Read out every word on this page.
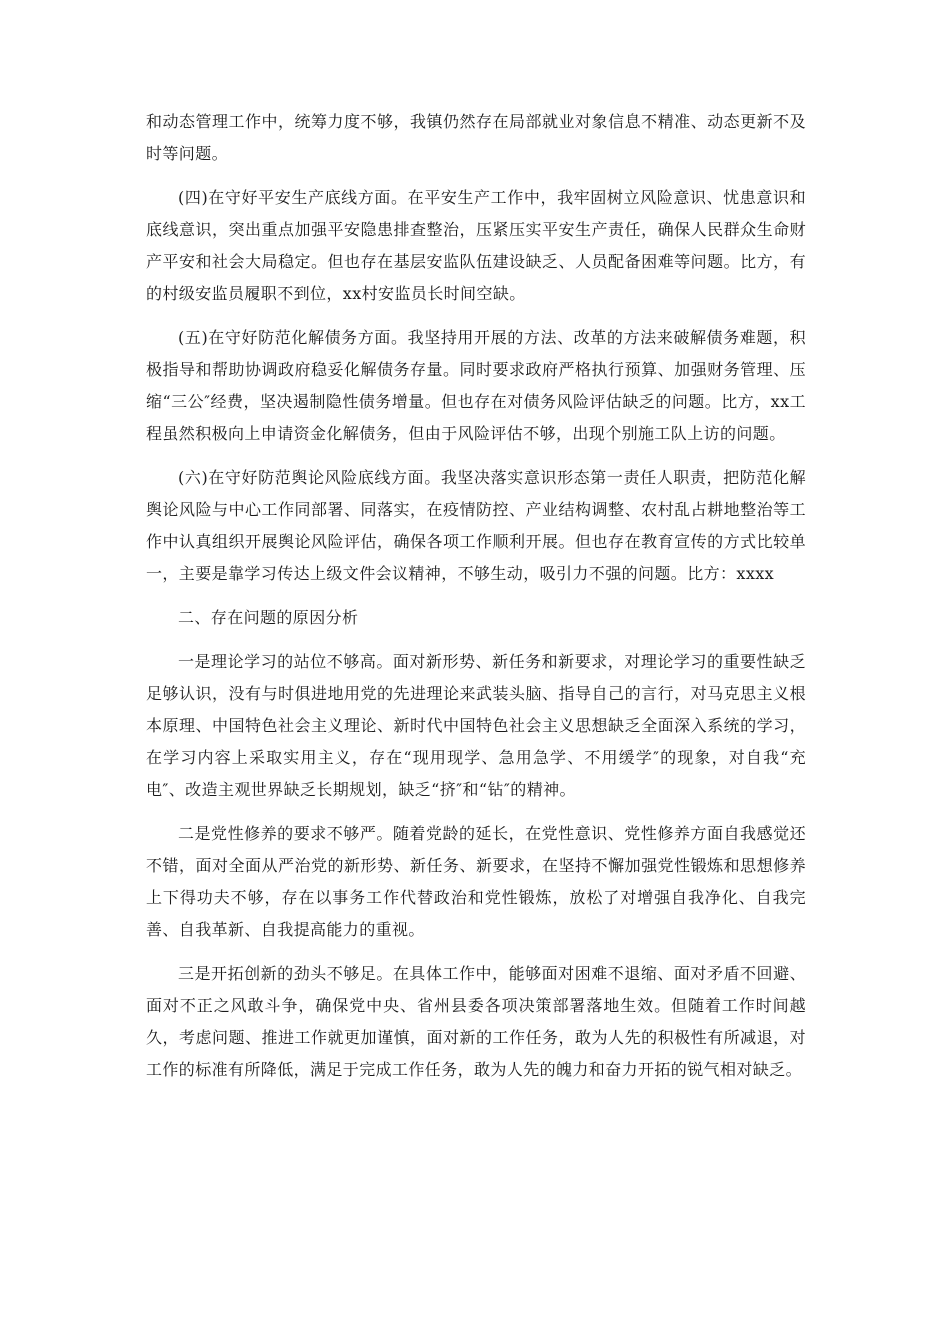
和动态管理工作中，统筹力度不够，我镇仍然存在局部就业对象信息不精准、动态更新不及时等问题。

(四)在守好平安生产底线方面。在平安生产工作中，我牢固树立风险意识、忧患意识和底线意识，突出重点加强平安隐患排查整治，压紧压实平安生产责任，确保人民群众生命财产平安和社会大局稳定。但也存在基层安监队伍建设缺乏、人员配备困难等问题。比方，有的村级安监员履职不到位，xx村安监员长时间空缺。

(五)在守好防范化解债务方面。我坚持用开展的方法、改革的方法来破解债务难题，积极指导和帮助协调政府稳妥化解债务存量。同时要求政府严格执行预算、加强财务管理、压缩“三公″经费，坚决遏制隐性债务增量。但也存在对债务风险评估缺乏的问题。比方，xx工程虽然积极向上申请资金化解债务，但由于风险评估不够，出现个别施工队上访的问题。

(六)在守好防范舆论风险底线方面。我坚决落实意识形态第一责任人职责，把防范化解舆论风险与中心工作同部署、同落实，在疫情防控、产业结构调整、农村乱占耕地整治等工作中认真组织开展舆论风险评估，确保各项工作顺利开展。但也存在教育宣传的方式比较单一，主要是靠学习传达上级文件会议精神，不够生动，吸引力不强的问题。比方：xxxx

二、存在问题的原因分析

一是理论学习的站位不够高。面对新形势、新任务和新要求，对理论学习的重要性缺乏足够认识，没有与时俱进地用党的先进理论来武装头脑、指导自己的言行，对马克思主义根本原理、中国特色社会主义理论、新时代中国特色社会主义思想缺乏全面深入系统的学习，在学习内容上采取实用主义，存在“现用现学、急用急学、不用缓学″的现象，对自我“充电″、改造主观世界缺乏长期规划，缺乏“挤″和“钻″的精神。

二是党性修养的要求不够严。随着党龄的延长，在党性意识、党性修养方面自我感觉还不错，面对全面从严治党的新形势、新任务、新要求，在坚持不懈加强党性锻炼和思想修养上下得功夫不够，存在以事务工作代替政治和党性锻炼，放松了对增强自我净化、自我完善、自我革新、自我提高能力的重视。

三是开拓创新的劲头不够足。在具体工作中，能够面对困难不退缩、面对矛盾不回避、面对不正之风敢斗争，确保党中央、省州县委各项决策部署落地生效。但随着工作时间越久，考虑问题、推进工作就更加谨慎，面对新的工作任务，敢为人先的积极性有所减退，对工作的标准有所降低，满足于完成工作任务，敢为人先的魄力和奋力开拓的锐气相对缺乏。
